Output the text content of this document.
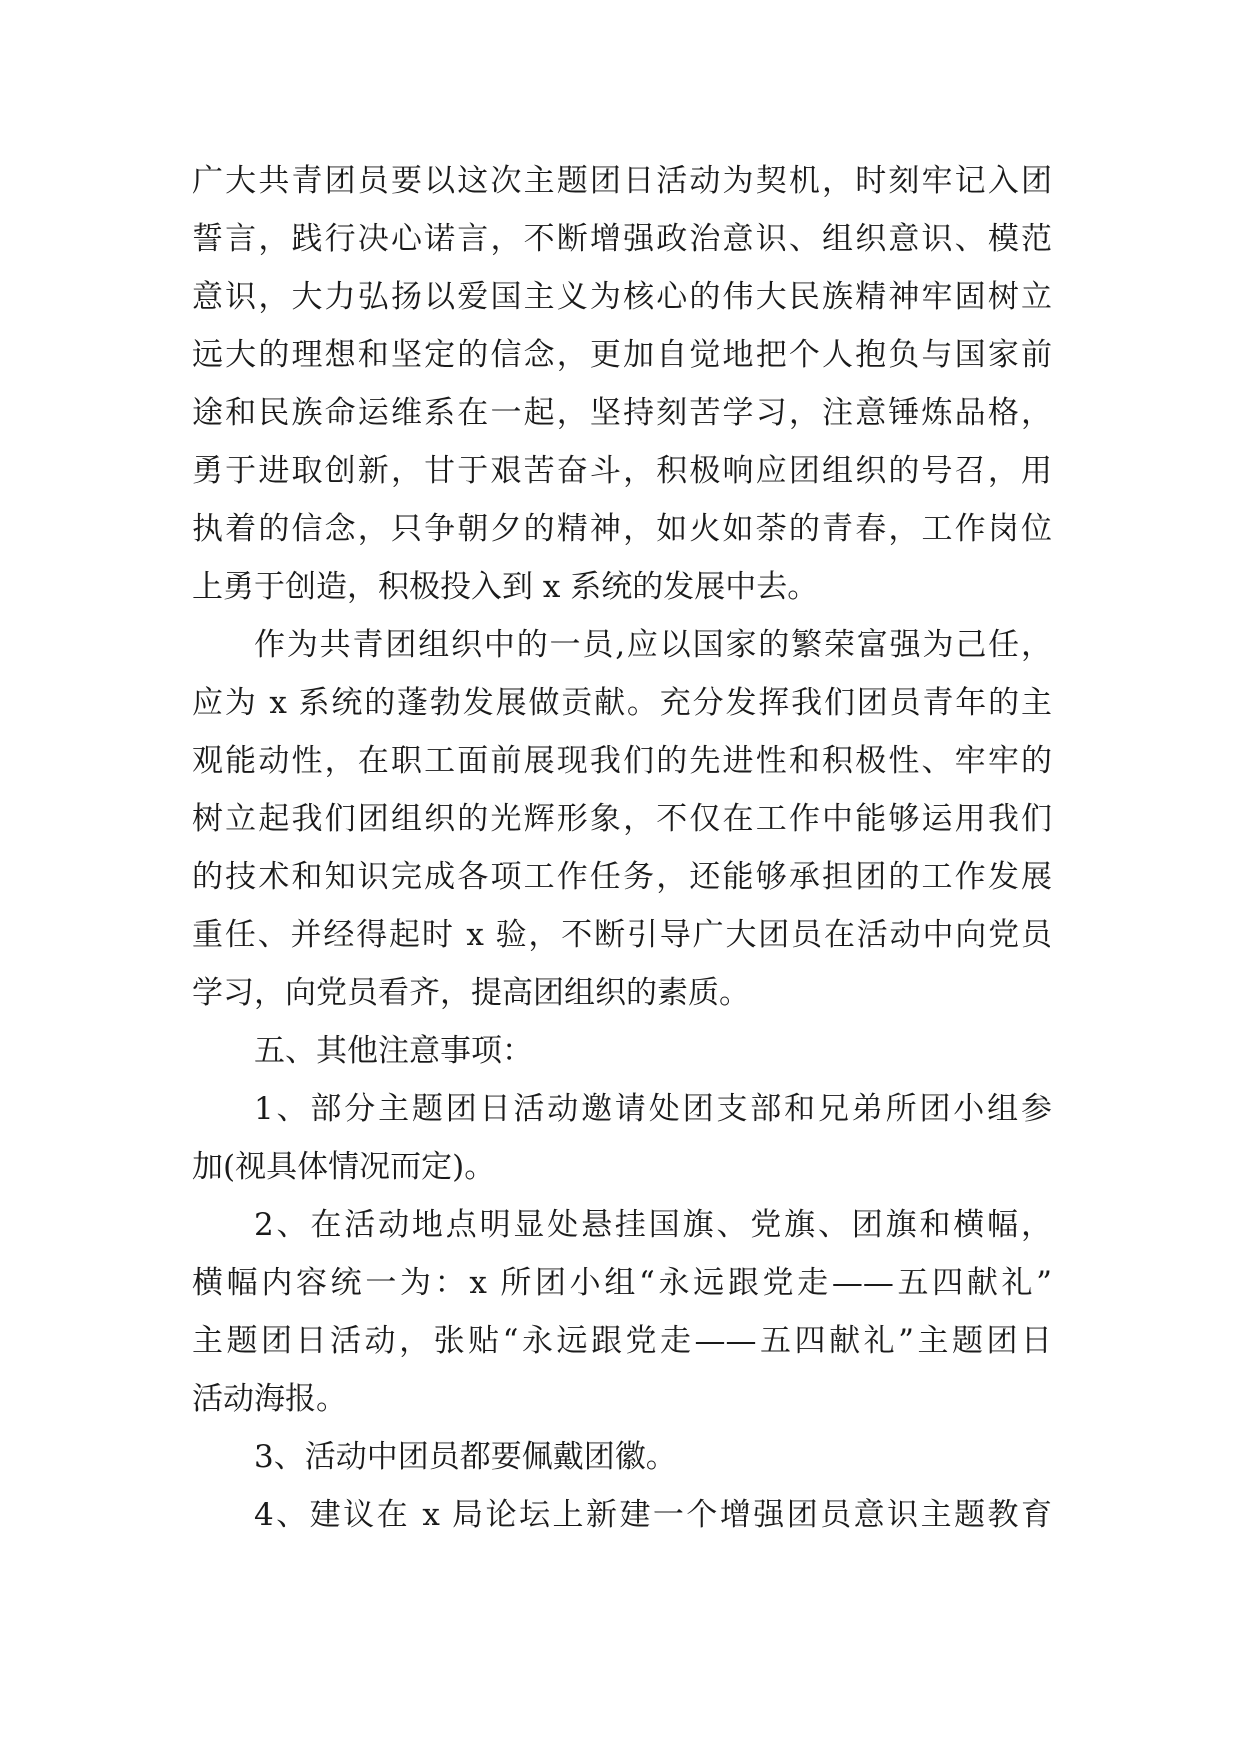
广大共青团员要以这次主题团日活动为契机，时刻牢记入团
誓言，践行决心诺言，不断增强政治意识、组织意识、模范
意识，大力弘扬以爱国主义为核心的伟大民族精神牢固树立
远大的理想和坚定的信念，更加自觉地把个人抱负与国家前
途和民族命运维系在一起，坚持刻苦学习，注意锤炼品格，
勇于进取创新，甘于艰苦奋斗，积极响应团组织的号召，用
执着的信念，只争朝夕的精神，如火如荼的青春，工作岗位
上勇于创造，积极投入到 x 系统的发展中去。
作为共青团组织中的一员,应以国家的繁荣富强为己任，
应为 x 系统的蓬勃发展做贡献。充分发挥我们团员青年的主
观能动性，在职工面前展现我们的先进性和积极性、牢牢的
树立起我们团组织的光辉形象，不仅在工作中能够运用我们
的技术和知识完成各项工作任务，还能够承担团的工作发展
重任、并经得起时 x 验，不断引导广大团员在活动中向党员
学习，向党员看齐，提高团组织的素质。
五、其他注意事项：
1、部分主题团日活动邀请处团支部和兄弟所团小组参
加(视具体情况而定)。
2、在活动地点明显处悬挂国旗、党旗、团旗和横幅，
横幅内容统一为：x 所团小组“永远跟党走——五四献礼”
主题团日活动，张贴“永远跟党走——五四献礼”主题团日
活动海报。
3、活动中团员都要佩戴团徽。
4、建议在 x 局论坛上新建一个增强团员意识主题教育
